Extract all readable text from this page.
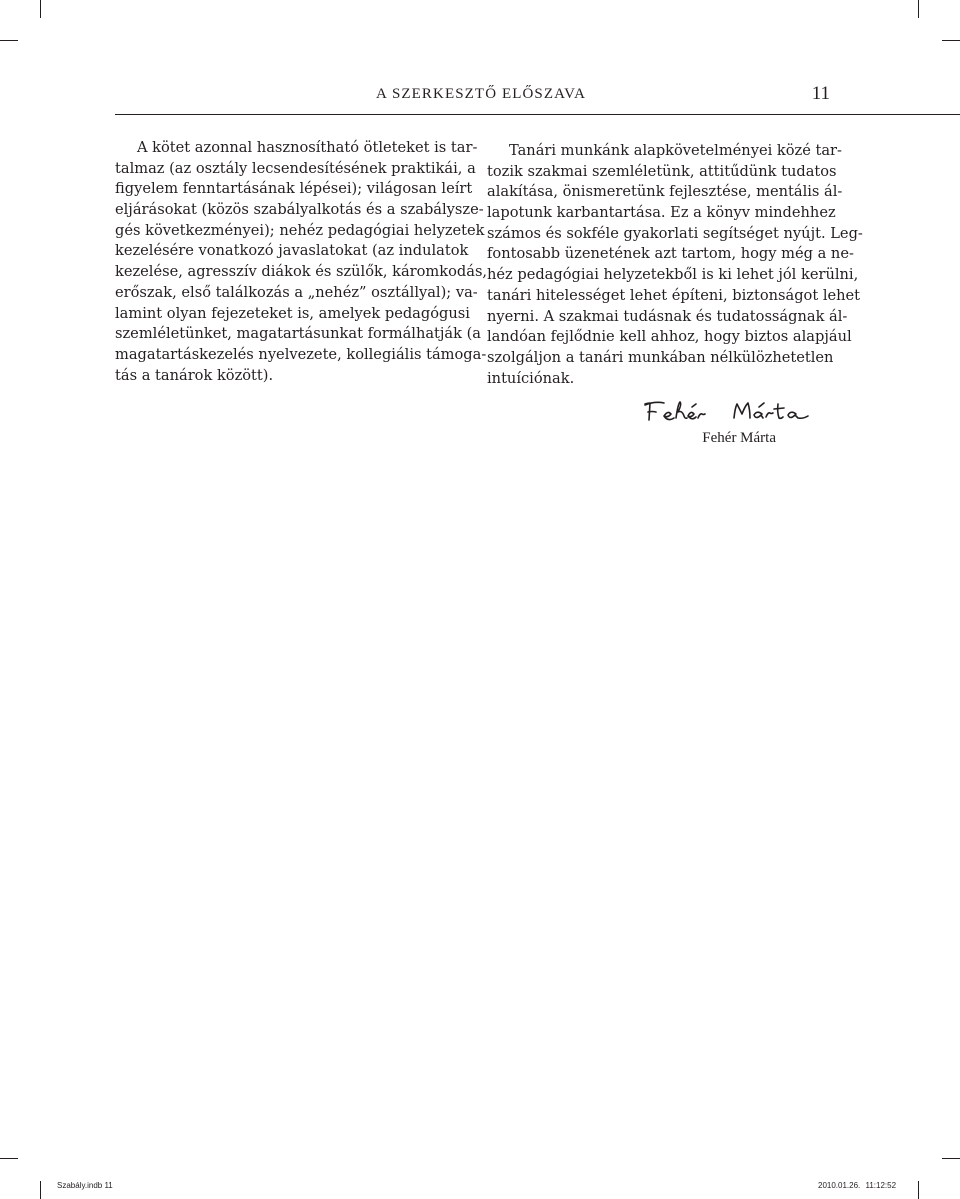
A SZERKESZTŐ ELŐSZAVA	11
A kötet azonnal hasznosítható ötleteket is tar-
talmaz (az osztály lecsendesítésének praktikái, a
figyelem fenntartásának lépései); világosan leírt
eljárásokat (közös szabályalkotás és a szabálysze-
gés következményei); nehéz pedagógiai helyzetek
kezelésére vonatkozó javaslatokat (az indulatok
kezelése, agresszív diákok és szülők, káromkodás,
erőszak, első találkozás a „nehéz” osztállyal); va-
lamint olyan fejezeteket is, amelyek pedagógusi
szemléletünket, magatartásunkat formálhatják (a
magatartáskezelés nyelvezete, kollegiális támoga-
tás a tanárok között).
Tanári munkánk alapkövetelményei közé tar-
tozik szakmai szemléletünk, attitűdünk tudatos
alakítása, önismeretünk fejlesztése, mentális ál-
lapotunk karbantartása. Ez a könyv mindehhez
számos és sokféle gyakorlati segítséget nyújt. Leg-
fontosabb üzenetének azt tartom, hogy még a ne-
héz pedagógiai helyzetekből is ki lehet jól kerülni,
tanári hitelességet lehet építeni, biztonságot lehet
nyerni. A szakmai tudásnak és tudatosságnak ál-
landóan fejlődnie kell ahhoz, hogy biztos alapjául
szolgáljon a tanári munkában nélkülözhetetlen
intuíciónak.
Fehér Márta
Szabály.indb 11	2010.01.26. 11:12:52
